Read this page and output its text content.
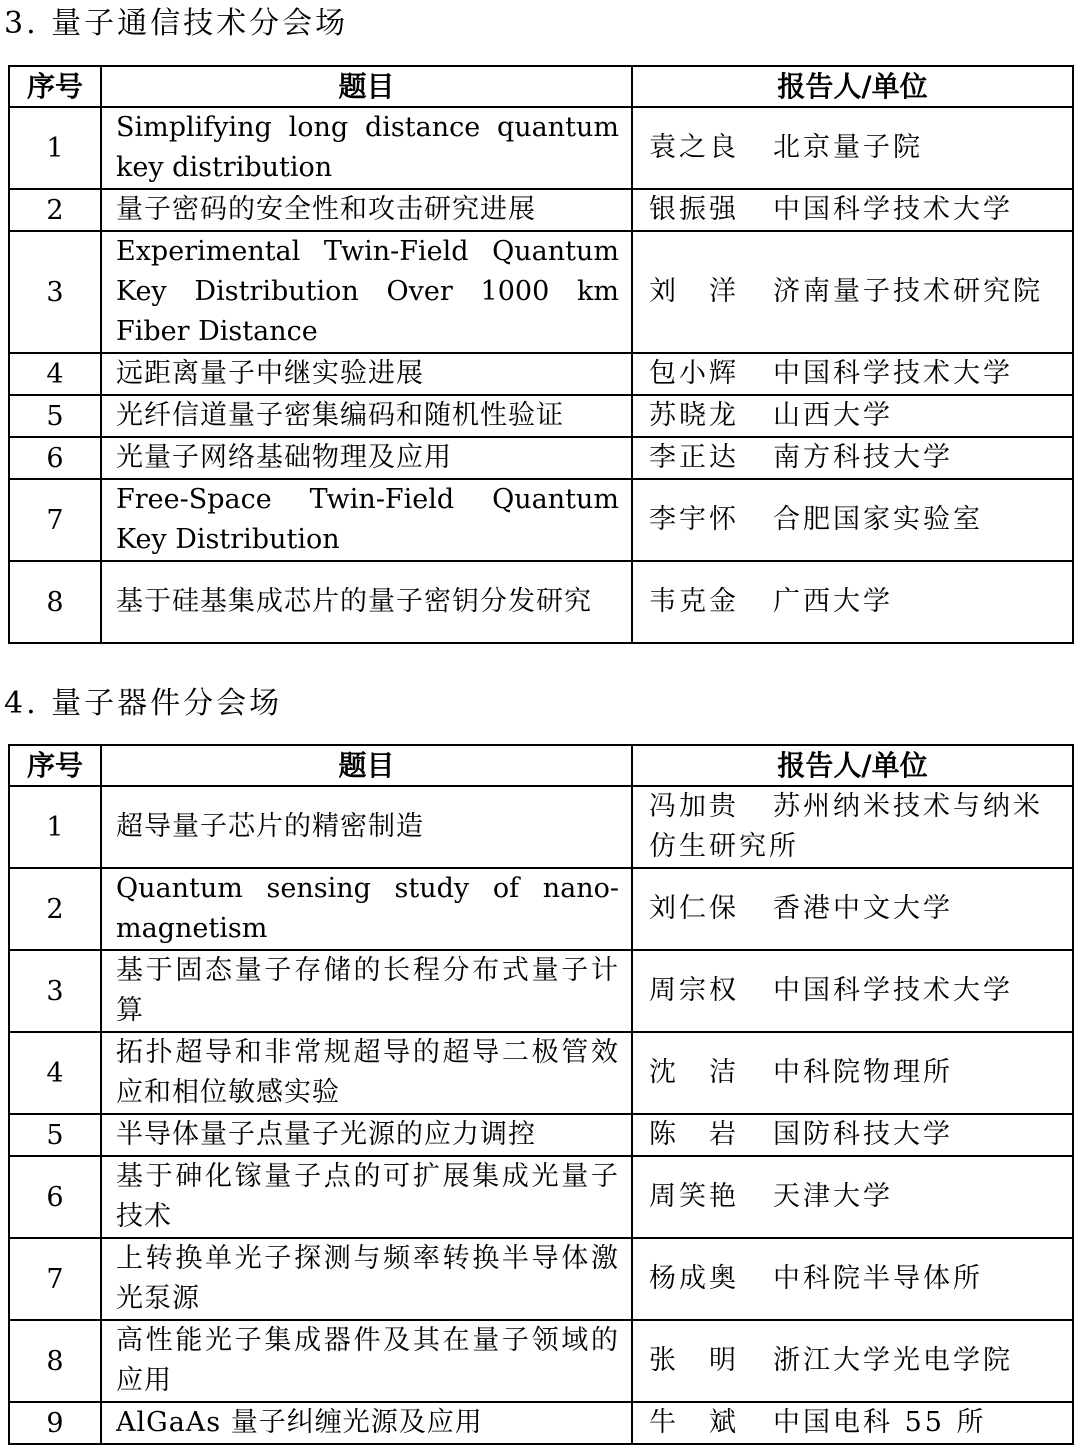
3. 量子通信技术分会场
序号	题目	报告人/单位
1	Simplifying long distance quantum key distribution	袁之良 北京量子院
2	量子密码的安全性和攻击研究进展	银振强 中国科学技术大学
3	Experimental Twin-Field Quantum Key Distribution Over 1000 km Fiber Distance	刘　洋 济南量子技术研究院
4	远距离量子中继实验进展	包小辉 中国科学技术大学
5	光纤信道量子密集编码和随机性验证	苏晓龙 山西大学
6	光量子网络基础物理及应用	李正达 南方科技大学
7	Free-Space Twin-Field Quantum Key Distribution	李宇怀 合肥国家实验室
8	基于硅基集成芯片的量子密钥分发研究	韦克金 广西大学
4. 量子器件分会场
序号	题目	报告人/单位
1	超导量子芯片的精密制造	冯加贵 苏州纳米技术与纳米仿生研究所
2	Quantum sensing study of nano-magnetism	刘仁保 香港中文大学
3	基于固态量子存储的长程分布式量子计算	周宗权 中国科学技术大学
4	拓扑超导和非常规超导的超导二极管效应和相位敏感实验	沈　洁 中科院物理所
5	半导体量子点量子光源的应力调控	陈　岩 国防科技大学
6	基于砷化镓量子点的可扩展集成光量子技术	周笑艳 天津大学
7	上转换单光子探测与频率转换半导体激光泵源	杨成奥 中科院半导体所
8	高性能光子集成器件及其在量子领域的应用	张　明 浙江大学光电学院
9	AlGaAs 量子纠缠光源及应用	牛　斌 中国电科 55 所
